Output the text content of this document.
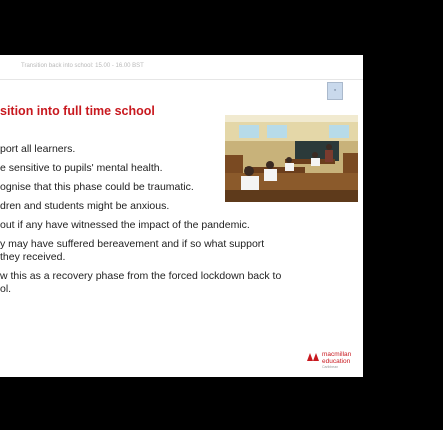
Transition back into school: 15.00 - 16.00 BST
▫
sition into full time school
port all learners.
e sensitive to pupils' mental health.
ognise that this phase could be traumatic.
dren and students might be anxious.
out if any have witnessed the impact of the pandemic.
y may have suffered bereavement and if so what support
they received.
w this as a recovery phase from the forced lockdown back to
ol.
macmillan
education
Caribbean
